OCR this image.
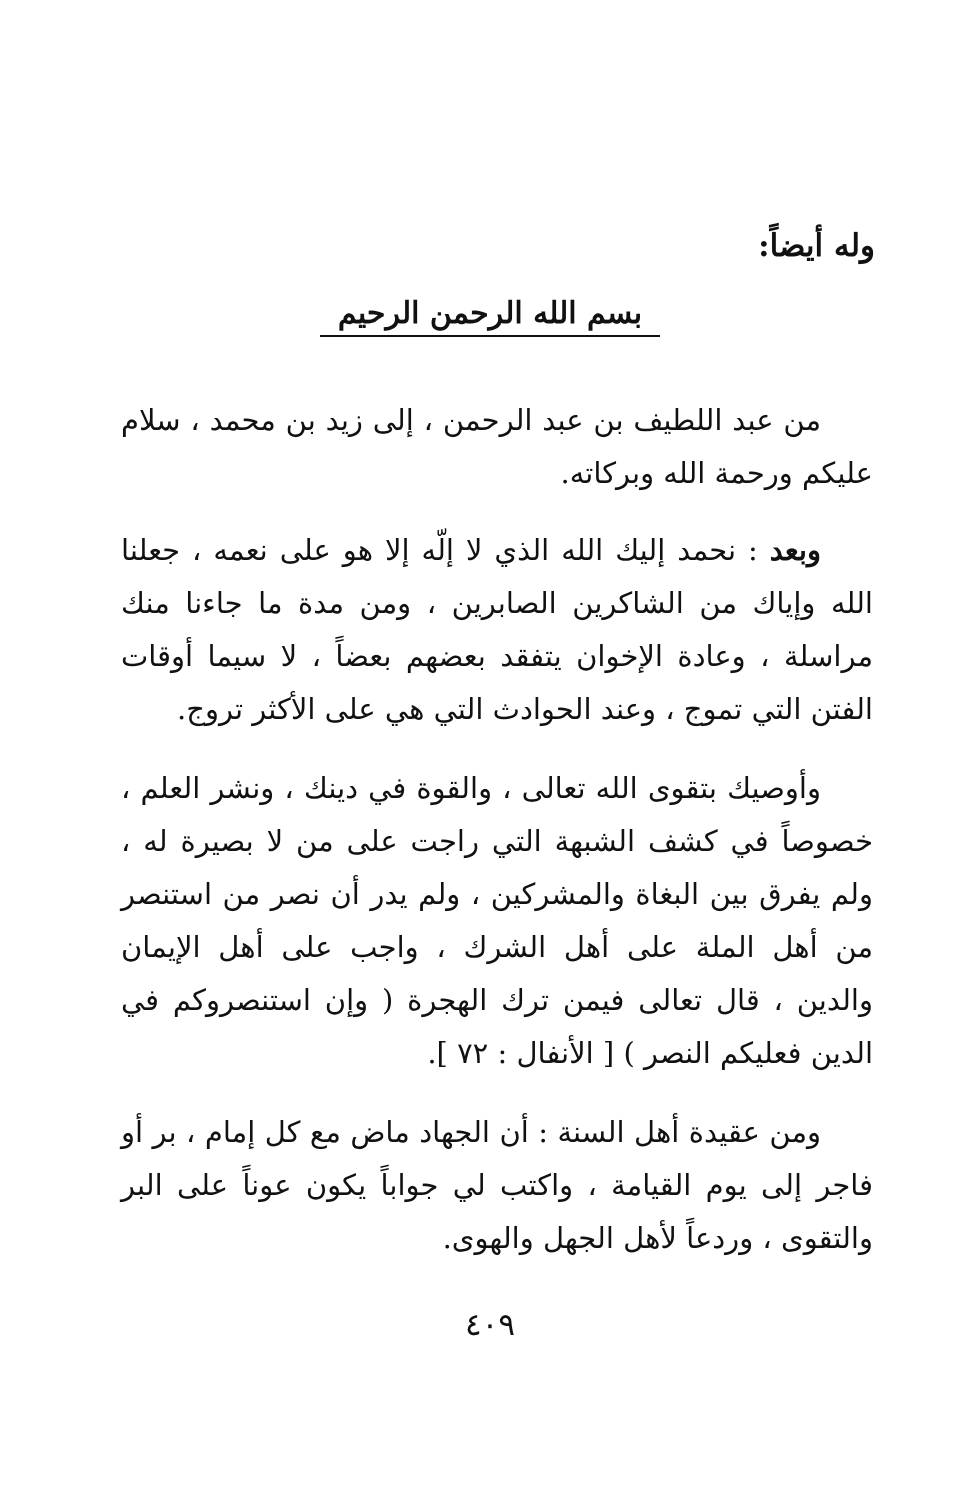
وله أيضاً:
بسم الله الرحمن الرحيم

من عبد اللطيف بن عبد الرحمن ، إلى زيد بن محمد ، سلام عليكم ورحمة الله وبركاته.

وبعد : نحمد إليك الله الذي لا إلّه إلا هو على نعمه ، جعلنا الله وإياك من الشاكرين الصابرين ، ومن مدة ما جاءنا منك مراسلة ، وعادة الإخوان يتفقد بعضهم بعضاً ، لا سيما أوقات الفتن التي تموج ، وعند الحوادث التي هي على الأكثر تروج.

وأوصيك بتقوى الله تعالى ، والقوة في دينك ، ونشر العلم ، خصوصاً في كشف الشبهة التي راجت على من لا بصيرة له ، ولم يفرق بين البغاة والمشركين ، ولم يدر أن نصر من استنصر من أهل الملة على أهل الشرك ، واجب على أهل الإيمان والدين ، قال تعالى فيمن ترك الهجرة ( وإن استنصروكم في الدين فعليكم النصر ) [ الأنفال : ٧٢ ].

ومن عقيدة أهل السنة : أن الجهاد ماض مع كل إمام ، بر أو فاجر إلى يوم القيامة ، واكتب لي جواباً يكون عوناً على البر والتقوى ، وردعاً لأهل الجهل والهوى.

٤٠٩
